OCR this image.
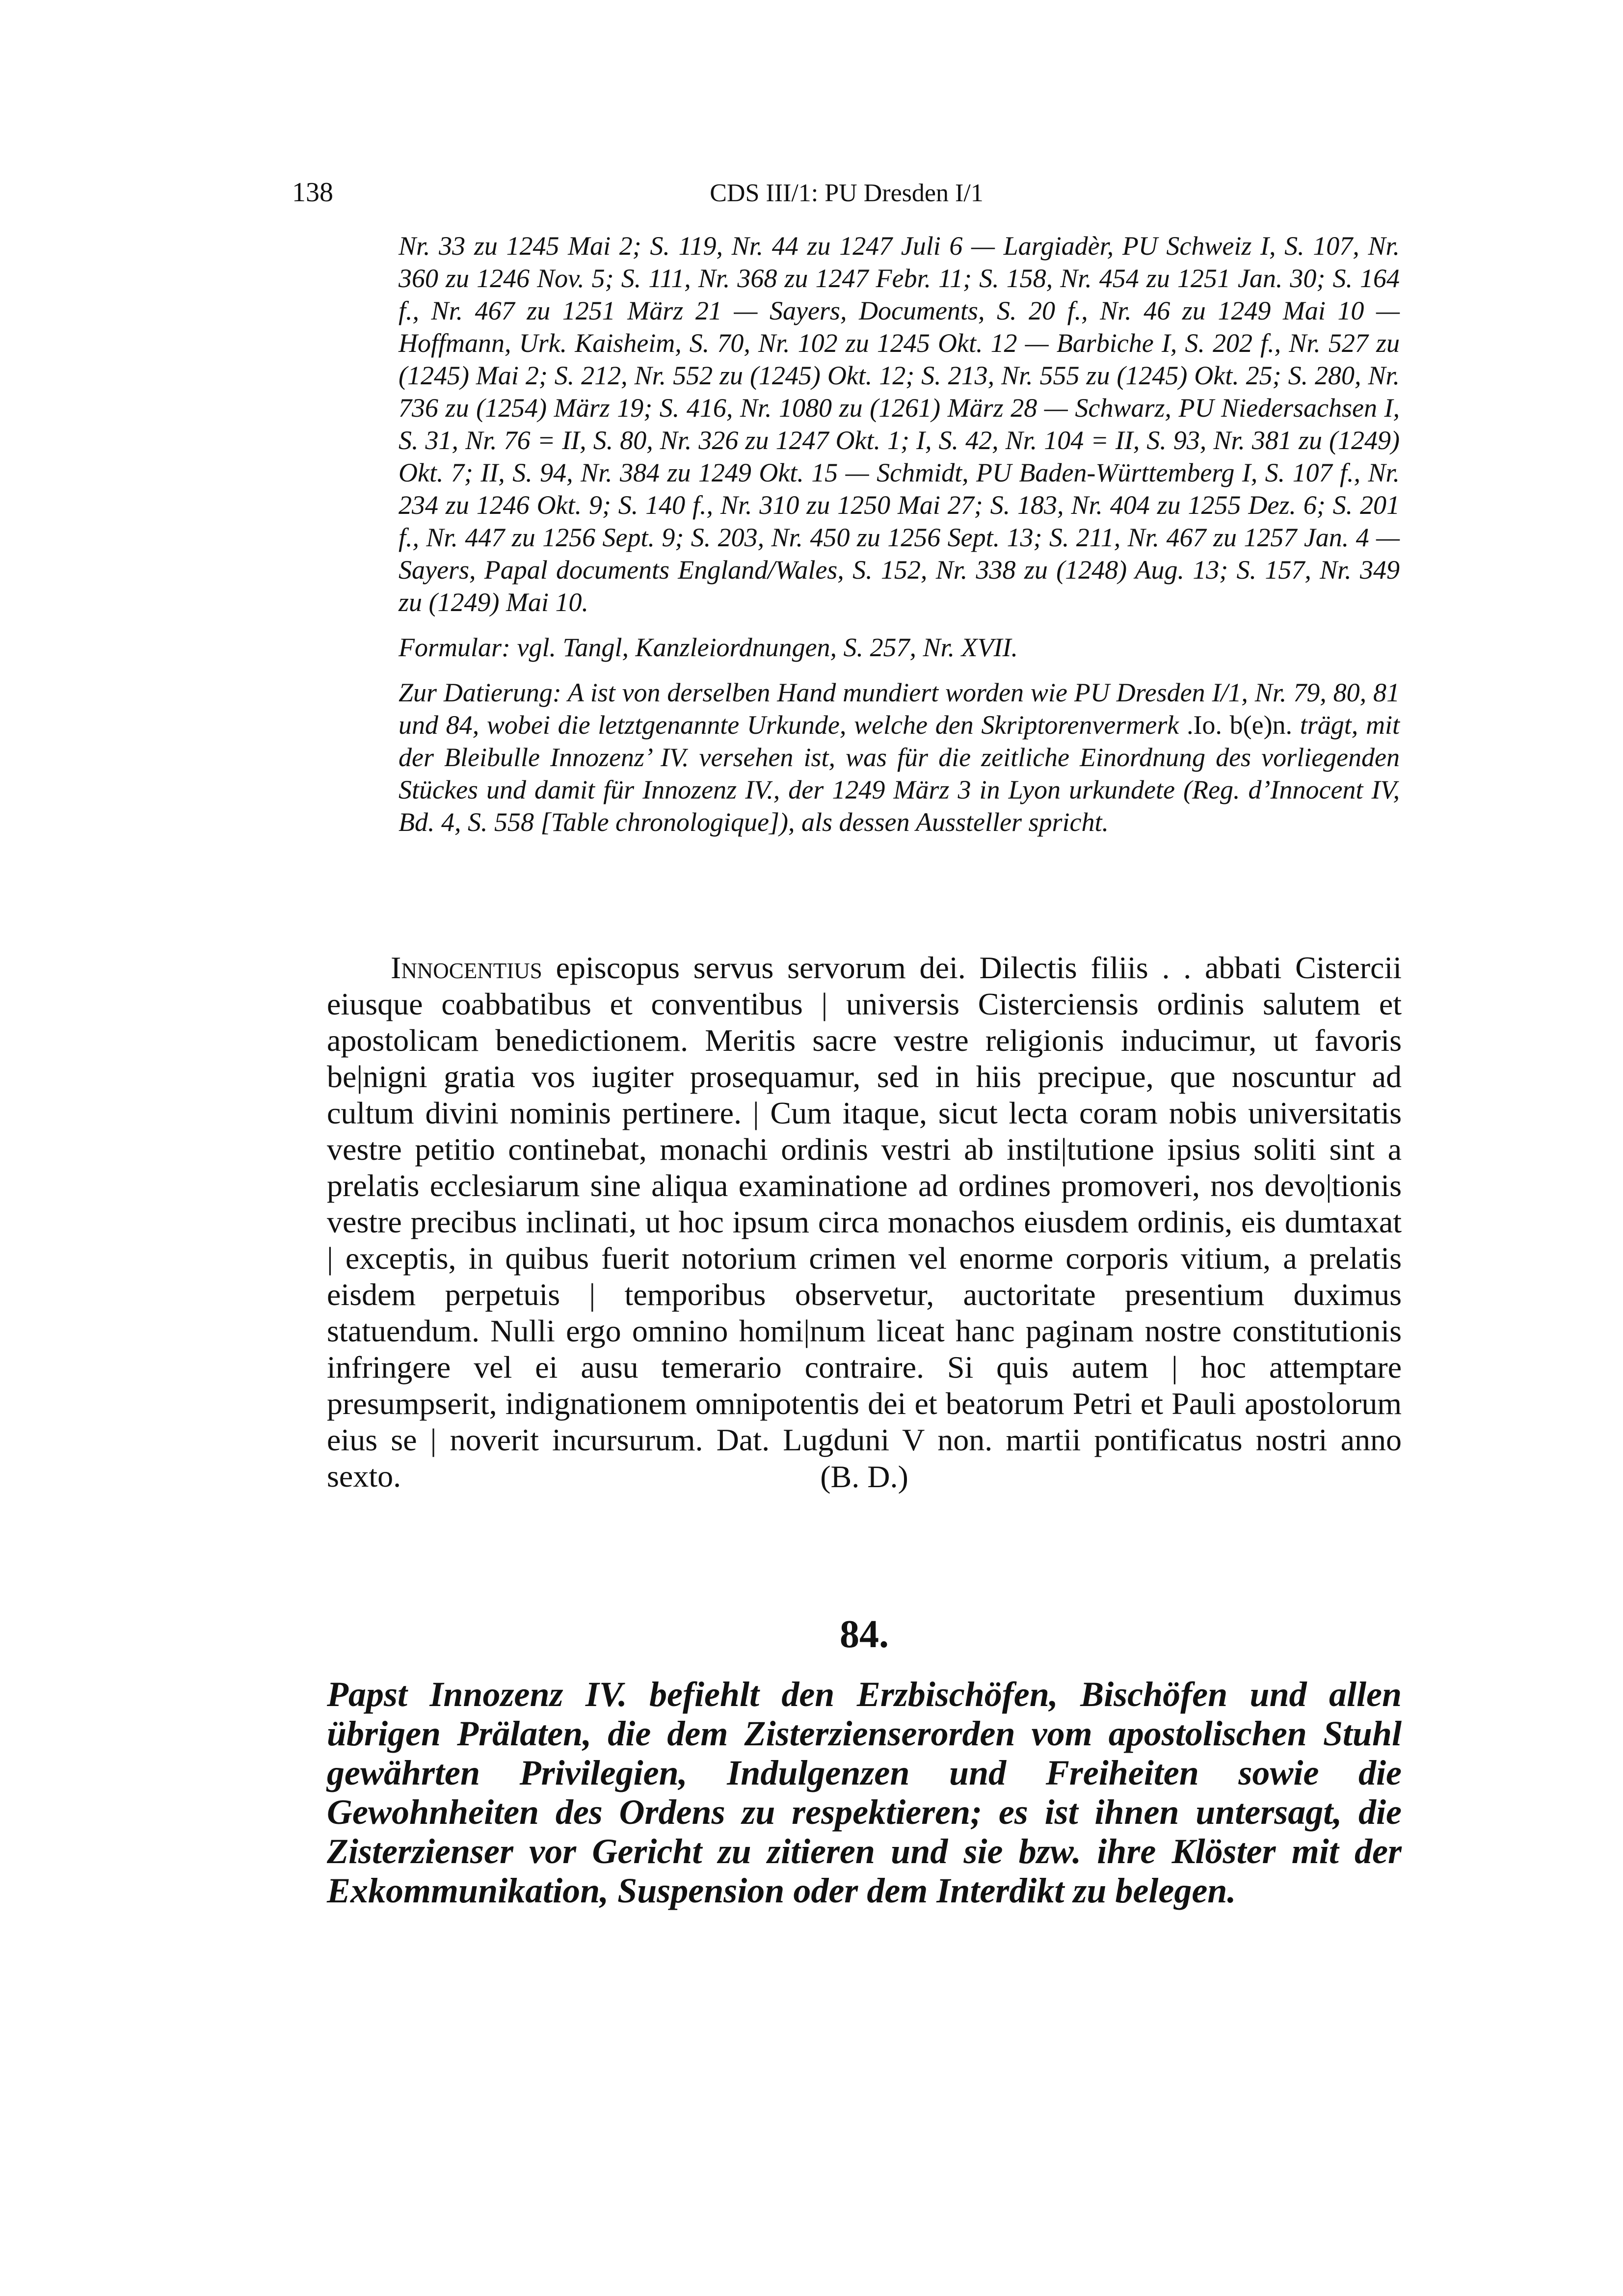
138	CDS III/1: PU Dresden I/1

Nr. 33 zu 1245 Mai 2; S. 119, Nr. 44 zu 1247 Juli 6 — Largiadèr, PU Schweiz I, S. 107, Nr. 360 zu 1246 Nov. 5; S. 111, Nr. 368 zu 1247 Febr. 11; S. 158, Nr. 454 zu 1251 Jan. 30; S. 164 f., Nr. 467 zu 1251 März 21 — Sayers, Documents, S. 20 f., Nr. 46 zu 1249 Mai 10 — Hoffmann, Urk. Kaisheim, S. 70, Nr. 102 zu 1245 Okt. 12 — Barbiche I, S. 202 f., Nr. 527 zu (1245) Mai 2; S. 212, Nr. 552 zu (1245) Okt. 12; S. 213, Nr. 555 zu (1245) Okt. 25; S. 280, Nr. 736 zu (1254) März 19; S. 416, Nr. 1080 zu (1261) März 28 — Schwarz, PU Niedersachsen I, S. 31, Nr. 76 = II, S. 80, Nr. 326 zu 1247 Okt. 1; I, S. 42, Nr. 104 = II, S. 93, Nr. 381 zu (1249) Okt. 7; II, S. 94, Nr. 384 zu 1249 Okt. 15 — Schmidt, PU Baden-Württemberg I, S. 107 f., Nr. 234 zu 1246 Okt. 9; S. 140 f., Nr. 310 zu 1250 Mai 27; S. 183, Nr. 404 zu 1255 Dez. 6; S. 201 f., Nr. 447 zu 1256 Sept. 9; S. 203, Nr. 450 zu 1256 Sept. 13; S. 211, Nr. 467 zu 1257 Jan. 4 — Sayers, Papal documents England/Wales, S. 152, Nr. 338 zu (1248) Aug. 13; S. 157, Nr. 349 zu (1249) Mai 10.

Formular: vgl. Tangl, Kanzleiordnungen, S. 257, Nr. XVII.

Zur Datierung: A ist von derselben Hand mundiert worden wie PU Dresden I/1, Nr. 79, 80, 81 und 84, wobei die letztgenannte Urkunde, welche den Skriptorenvermerk .Io. b(e)n. trägt, mit der Bleibulle Innozenz’ IV. versehen ist, was für die zeitliche Einordnung des vorliegenden Stückes und damit für Innozenz IV., der 1249 März 3 in Lyon urkundete (Reg. d’Innocent IV, Bd. 4, S. 558 [Table chronologique]), als dessen Aussteller spricht.

Innocentius episcopus servus servorum dei. Dilectis filiis . . abbati Cistercii eiusque coabbatibus et conventibus | universis Cisterciensis ordinis salutem et apostolicam benedictionem. Meritis sacre vestre religionis inducimur, ut favoris be|nigni gratia vos iugiter prosequamur, sed in hiis precipue, que noscuntur ad cultum divini nominis pertinere. | Cum itaque, sicut lecta coram nobis universitatis vestre petitio continebat, monachi ordinis vestri ab insti|tutione ipsius soliti sint a prelatis ecclesiarum sine aliqua examinatione ad ordines promoveri, nos devo|tionis vestre precibus inclinati, ut hoc ipsum circa monachos eiusdem ordinis, eis dumtaxat | exceptis, in quibus fuerit notorium crimen vel enorme corporis vitium, a prelatis eisdem perpetuis | temporibus observetur, auctoritate presentium duximus statuendum. Nulli ergo omnino homi|num liceat hanc paginam nostre constitutionis infringere vel ei ausu temerario contraire. Si quis autem | hoc attemptare presumpserit, indignationem omnipotentis dei et beatorum Petri et Pauli apostolorum eius se | noverit incursurum. Dat. Lugduni V non. martii pontificatus nostri anno sexto.	(B. D.)
84.
Papst Innozenz IV. befiehlt den Erzbischöfen, Bischöfen und allen übrigen Prälaten, die dem Zisterzienserorden vom apostolischen Stuhl gewährten Privilegien, Indulgenzen und Freiheiten sowie die Gewohnheiten des Ordens zu respektieren; es ist ihnen untersagt, die Zisterzienser vor Gericht zu zitieren und sie bzw. ihre Klöster mit der Exkommunikation, Suspension oder dem Interdikt zu belegen.
